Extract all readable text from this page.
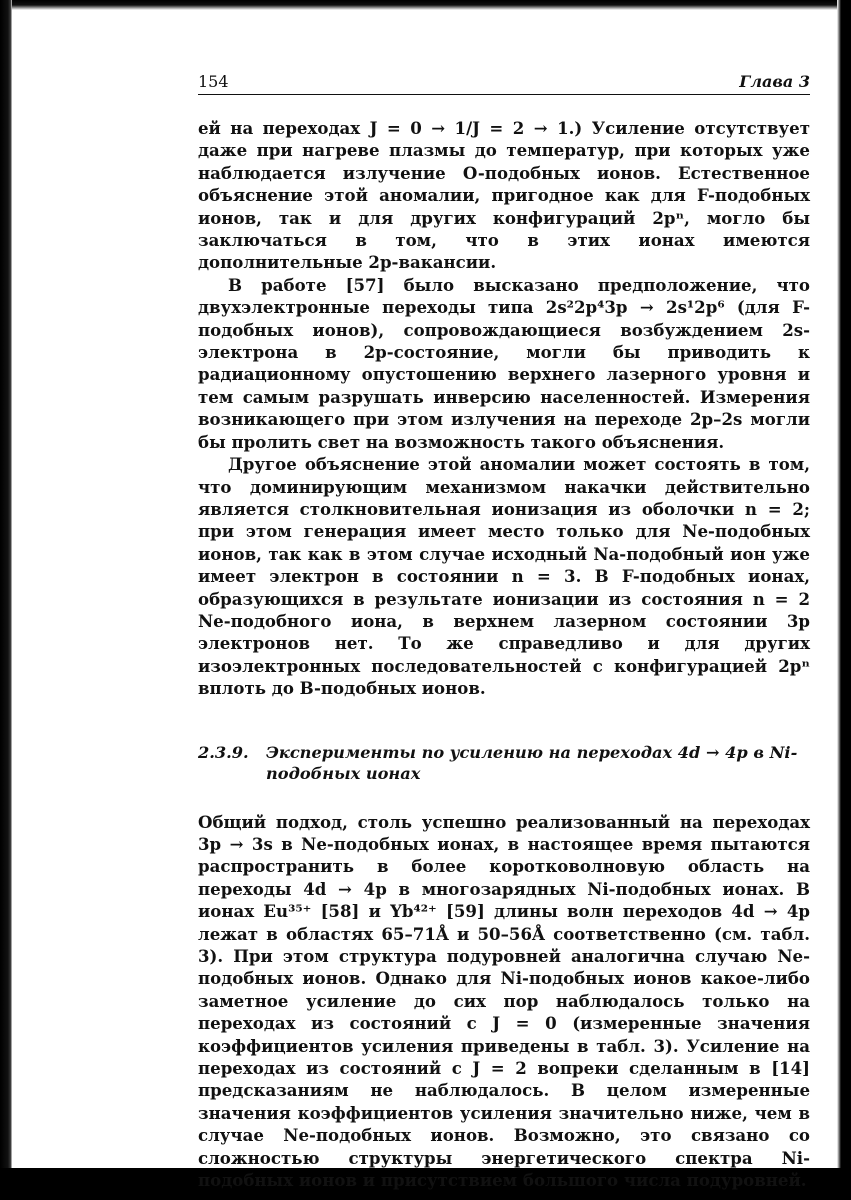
154	Глава 3

ей на переходах J = 0 → 1/J = 2 → 1.) Усиление отсутствует даже при нагреве плазмы до температур, при которых уже наблюдается излучение O-подобных ионов. Естественное объяснение этой аномалии, пригодное как для F-подобных ионов, так и для других конфигураций 2pⁿ, могло бы заключаться в том, что в этих ионах имеются дополнительные 2p-вакансии.

В работе [57] было высказано предположение, что двухэлектронные переходы типа 2s²2p⁴3p → 2s¹2p⁶ (для F-подобных ионов), сопровождающиеся возбуждением 2s-электрона в 2p-состояние, могли бы приводить к радиационному опустошению верхнего лазерного уровня и тем самым разрушать инверсию населенностей. Измерения возникающего при этом излучения на переходе 2p–2s могли бы пролить свет на возможность такого объяснения.

Другое объяснение этой аномалии может состоять в том, что доминирующим механизмом накачки действительно является столкновительная ионизация из оболочки n = 2; при этом генерация имеет место только для Ne-подобных ионов, так как в этом случае исходный Na-подобный ион уже имеет электрон в состоянии n = 3. В F-подобных ионах, образующихся в результате ионизации из состояния n = 2 Ne-подобного иона, в верхнем лазерном состоянии 3p электронов нет. То же справедливо и для других изоэлектронных последовательностей с конфигурацией 2pⁿ вплоть до B-подобных ионов.

2.3.9. Эксперименты по усилению на переходах 4d → 4p в Ni-подобных ионах

Общий подход, столь успешно реализованный на переходах 3p → 3s в Ne-подобных ионах, в настоящее время пытаются распространить в более коротковолновую область на переходы 4d → 4p в многозарядных Ni-подобных ионах. В ионах Eu³⁵⁺ [58] и Yb⁴²⁺ [59] длины волн переходов 4d → 4p лежат в областях 65–71Å и 50–56Å соответственно (см. табл. 3). При этом структура подуровней аналогична случаю Ne-подобных ионов. Однако для Ni-подобных ионов какое-либо заметное усиление до сих пор наблюдалось только на переходах из состояний с J = 0 (измеренные значения коэффициентов усиления приведены в табл. 3). Усиление на переходах из состояний с J = 2 вопреки сделанным в [14] предсказаниям не наблюдалось. В целом измеренные значения коэффициентов усиления значительно ниже, чем в случае Ne-подобных ионов. Возможно, это связано со сложностью структуры энергетического спектра Ni-подобных ионов и присутствием большого числа подуровней.
